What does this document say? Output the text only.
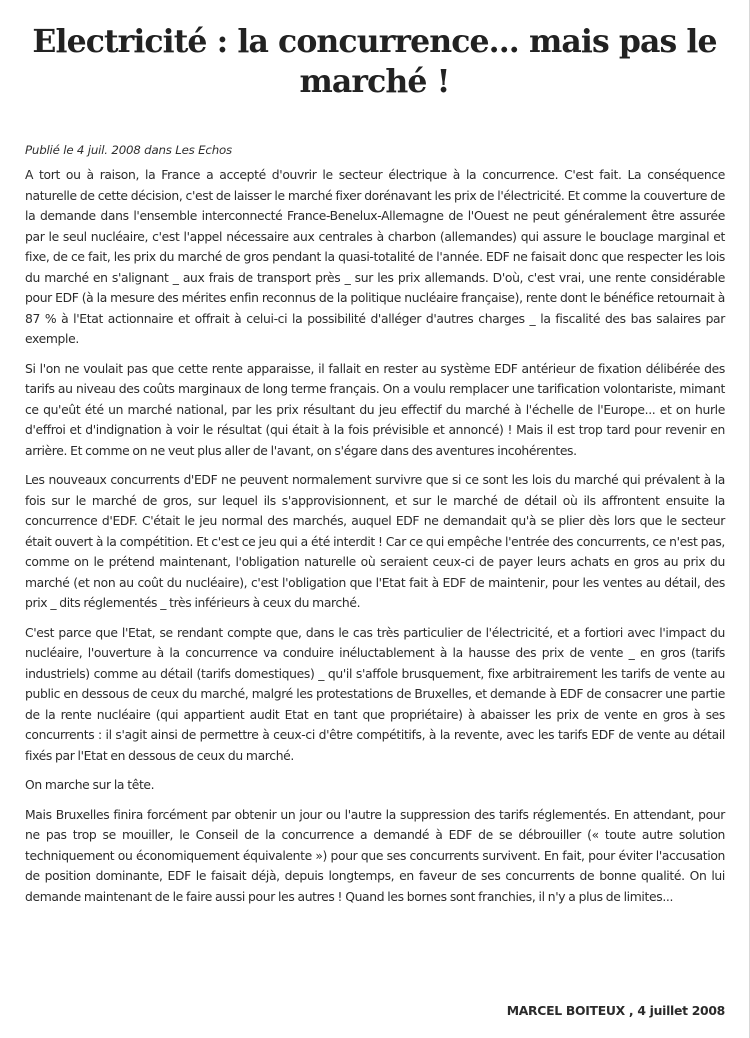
Electricité : la concurrence... mais pas le marché !
Publié le 4 juil. 2008 dans Les Echos

A tort ou à raison, la France a accepté d'ouvrir le secteur électrique à la concurrence. C'est fait. La conséquence naturelle de cette décision, c'est de laisser le marché fixer dorénavant les prix de l'électricité. Et comme la couverture de la demande dans l'ensemble interconnecté France-Benelux-Allemagne de l'Ouest ne peut généralement être assurée par le seul nucléaire, c'est l'appel nécessaire aux centrales à charbon (allemandes) qui assure le bouclage marginal et fixe, de ce fait, les prix du marché de gros pendant la quasi-totalité de l'année. EDF ne faisait donc que respecter les lois du marché en s'alignant _ aux frais de transport près _ sur les prix allemands. D'où, c'est vrai, une rente considérable pour EDF (à la mesure des mérites enfin reconnus de la politique nucléaire française), rente dont le bénéfice retournait à 87 % à l'Etat actionnaire et offrait à celui-ci la possibilité d'alléger d'autres charges _ la fiscalité des bas salaires par exemple.

Si l'on ne voulait pas que cette rente apparaisse, il fallait en rester au système EDF antérieur de fixation délibérée des tarifs au niveau des coûts marginaux de long terme français. On a voulu remplacer une tarification volontariste, mimant ce qu'eût été un marché national, par les prix résultant du jeu effectif du marché à l'échelle de l'Europe... et on hurle d'effroi et d'indignation à voir le résultat (qui était à la fois prévisible et annoncé) ! Mais il est trop tard pour revenir en arrière. Et comme on ne veut plus aller de l'avant, on s'égare dans des aventures incohérentes.

Les nouveaux concurrents d'EDF ne peuvent normalement survivre que si ce sont les lois du marché qui prévalent à la fois sur le marché de gros, sur lequel ils s'approvisionnent, et sur le marché de détail où ils affrontent ensuite la concurrence d'EDF. C'était le jeu normal des marchés, auquel EDF ne demandait qu'à se plier dès lors que le secteur était ouvert à la compétition. Et c'est ce jeu qui a été interdit ! Car ce qui empêche l'entrée des concurrents, ce n'est pas, comme on le prétend maintenant, l'obligation naturelle où seraient ceux-ci de payer leurs achats en gros au prix du marché (et non au coût du nucléaire), c'est l'obligation que l'Etat fait à EDF de maintenir, pour les ventes au détail, des prix _ dits réglementés _ très inférieurs à ceux du marché.

C'est parce que l'Etat, se rendant compte que, dans le cas très particulier de l'électricité, et a fortiori avec l'impact du nucléaire, l'ouverture à la concurrence va conduire inéluctablement à la hausse des prix de vente _ en gros (tarifs industriels) comme au détail (tarifs domestiques) _ qu'il s'affole brusquement, fixe arbitrairement les tarifs de vente au public en dessous de ceux du marché, malgré les protestations de Bruxelles, et demande à EDF de consacrer une partie de la rente nucléaire (qui appartient audit Etat en tant que propriétaire) à abaisser les prix de vente en gros à ses concurrents : il s'agit ainsi de permettre à ceux-ci d'être compétitifs, à la revente, avec les tarifs EDF de vente au détail fixés par l'Etat en dessous de ceux du marché.

On marche sur la tête.

Mais Bruxelles finira forcément par obtenir un jour ou l'autre la suppression des tarifs réglementés. En attendant, pour ne pas trop se mouiller, le Conseil de la concurrence a demandé à EDF de se débrouiller (« toute autre solution techniquement ou économiquement équivalente ») pour que ses concurrents survivent. En fait, pour éviter l'accusation de position dominante, EDF le faisait déjà, depuis longtemps, en faveur de ses concurrents de bonne qualité. On lui demande maintenant de le faire aussi pour les autres ! Quand les bornes sont franchies, il n'y a plus de limites...

MARCEL BOITEUX , 4 juillet 2008
